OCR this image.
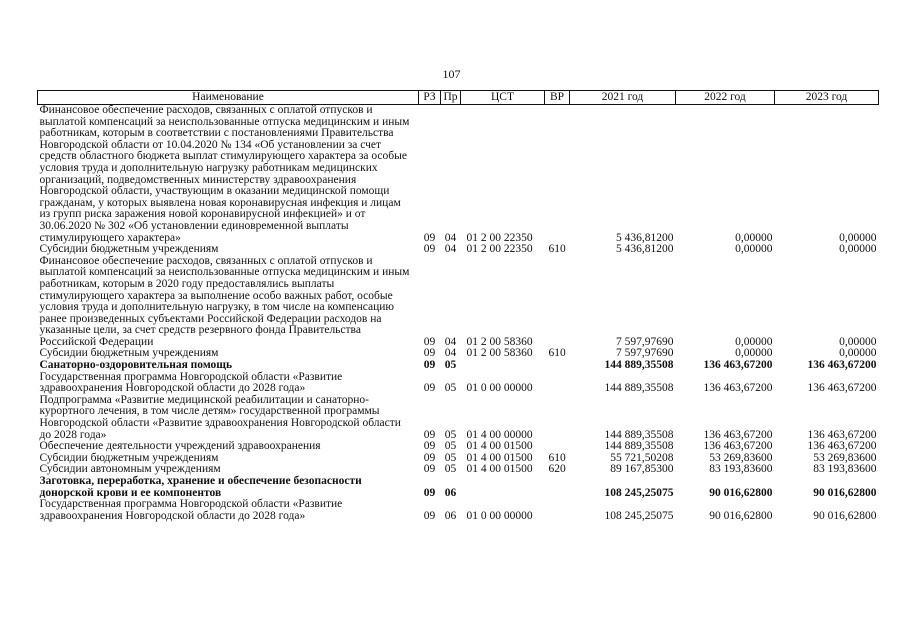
107
Наименование	РЗ	Пр	ЦСТ	ВР	2021 год	2022 год	2023 год
Финансовое обеспечение расходов, связанных с оплатой отпусков и выплатой компенсаций за неиспользованные отпуска медицинским и иным работникам, которым в соответствии с постановлениями Правительства Новгородской области от 10.04.2020 № 134 «Об установлении за счет средств областного бюджета выплат стимулирующего характера за особые условия труда и дополнительную нагрузку работникам медицинских организаций, подведомственных министерству здравоохранения Новгородской области, участвующим в оказании медицинской помощи гражданам, у которых выявлена новая коронавирусная инфекция и лицам из групп риска заражения новой коронавирусной инфекцией» и от 30.06.2020 № 302 «Об установлении единовременной выплаты стимулирующего характера»	09	04	01 2 00 22350		5 436,81200	0,00000	0,00000
Субсидии бюджетным учреждениям	09	04	01 2 00 22350	610	5 436,81200	0,00000	0,00000
Финансовое обеспечение расходов, связанных с оплатой отпусков и выплатой компенсаций за неиспользованные отпуска медицинским и иным работникам, которым в 2020 году предоставлялись выплаты стимулирующего характера за выполнение особо важных работ, особые условия труда и дополнительную нагрузку, в том числе на компенсацию ранее произведенных субъектами Российской Федерации расходов на указанные цели, за счет средств резервного фонда Правительства Российской Федерации	09	04	01 2 00 58360		7 597,97690	0,00000	0,00000
Субсидии бюджетным учреждениям	09	04	01 2 00 58360	610	7 597,97690	0,00000	0,00000
Санаторно-оздоровительная помощь	09	05			144 889,35508	136 463,67200	136 463,67200
Государственная программа Новгородской области «Развитие здравоохранения Новгородской области до 2028 года»	09	05	01 0 00 00000		144 889,35508	136 463,67200	136 463,67200
Подпрограмма «Развитие медицинской реабилитации и санаторно-курортного лечения, в том числе детям» государственной программы Новгородской области «Развитие здравоохранения Новгородской области до 2028 года»	09	05	01 4 00 00000		144 889,35508	136 463,67200	136 463,67200
Обеспечение деятельности учреждений здравоохранения	09	05	01 4 00 01500		144 889,35508	136 463,67200	136 463,67200
Субсидии бюджетным учреждениям	09	05	01 4 00 01500	610	55 721,50208	53 269,83600	53 269,83600
Субсидии автономным учреждениям	09	05	01 4 00 01500	620	89 167,85300	83 193,83600	83 193,83600
Заготовка, переработка, хранение и обеспечение безопасности донорской крови и ее компонентов	09	06			108 245,25075	90 016,62800	90 016,62800
Государственная программа Новгородской области «Развитие здравоохранения Новгородской области до 2028 года»	09	06	01 0 00 00000		108 245,25075	90 016,62800	90 016,62800
